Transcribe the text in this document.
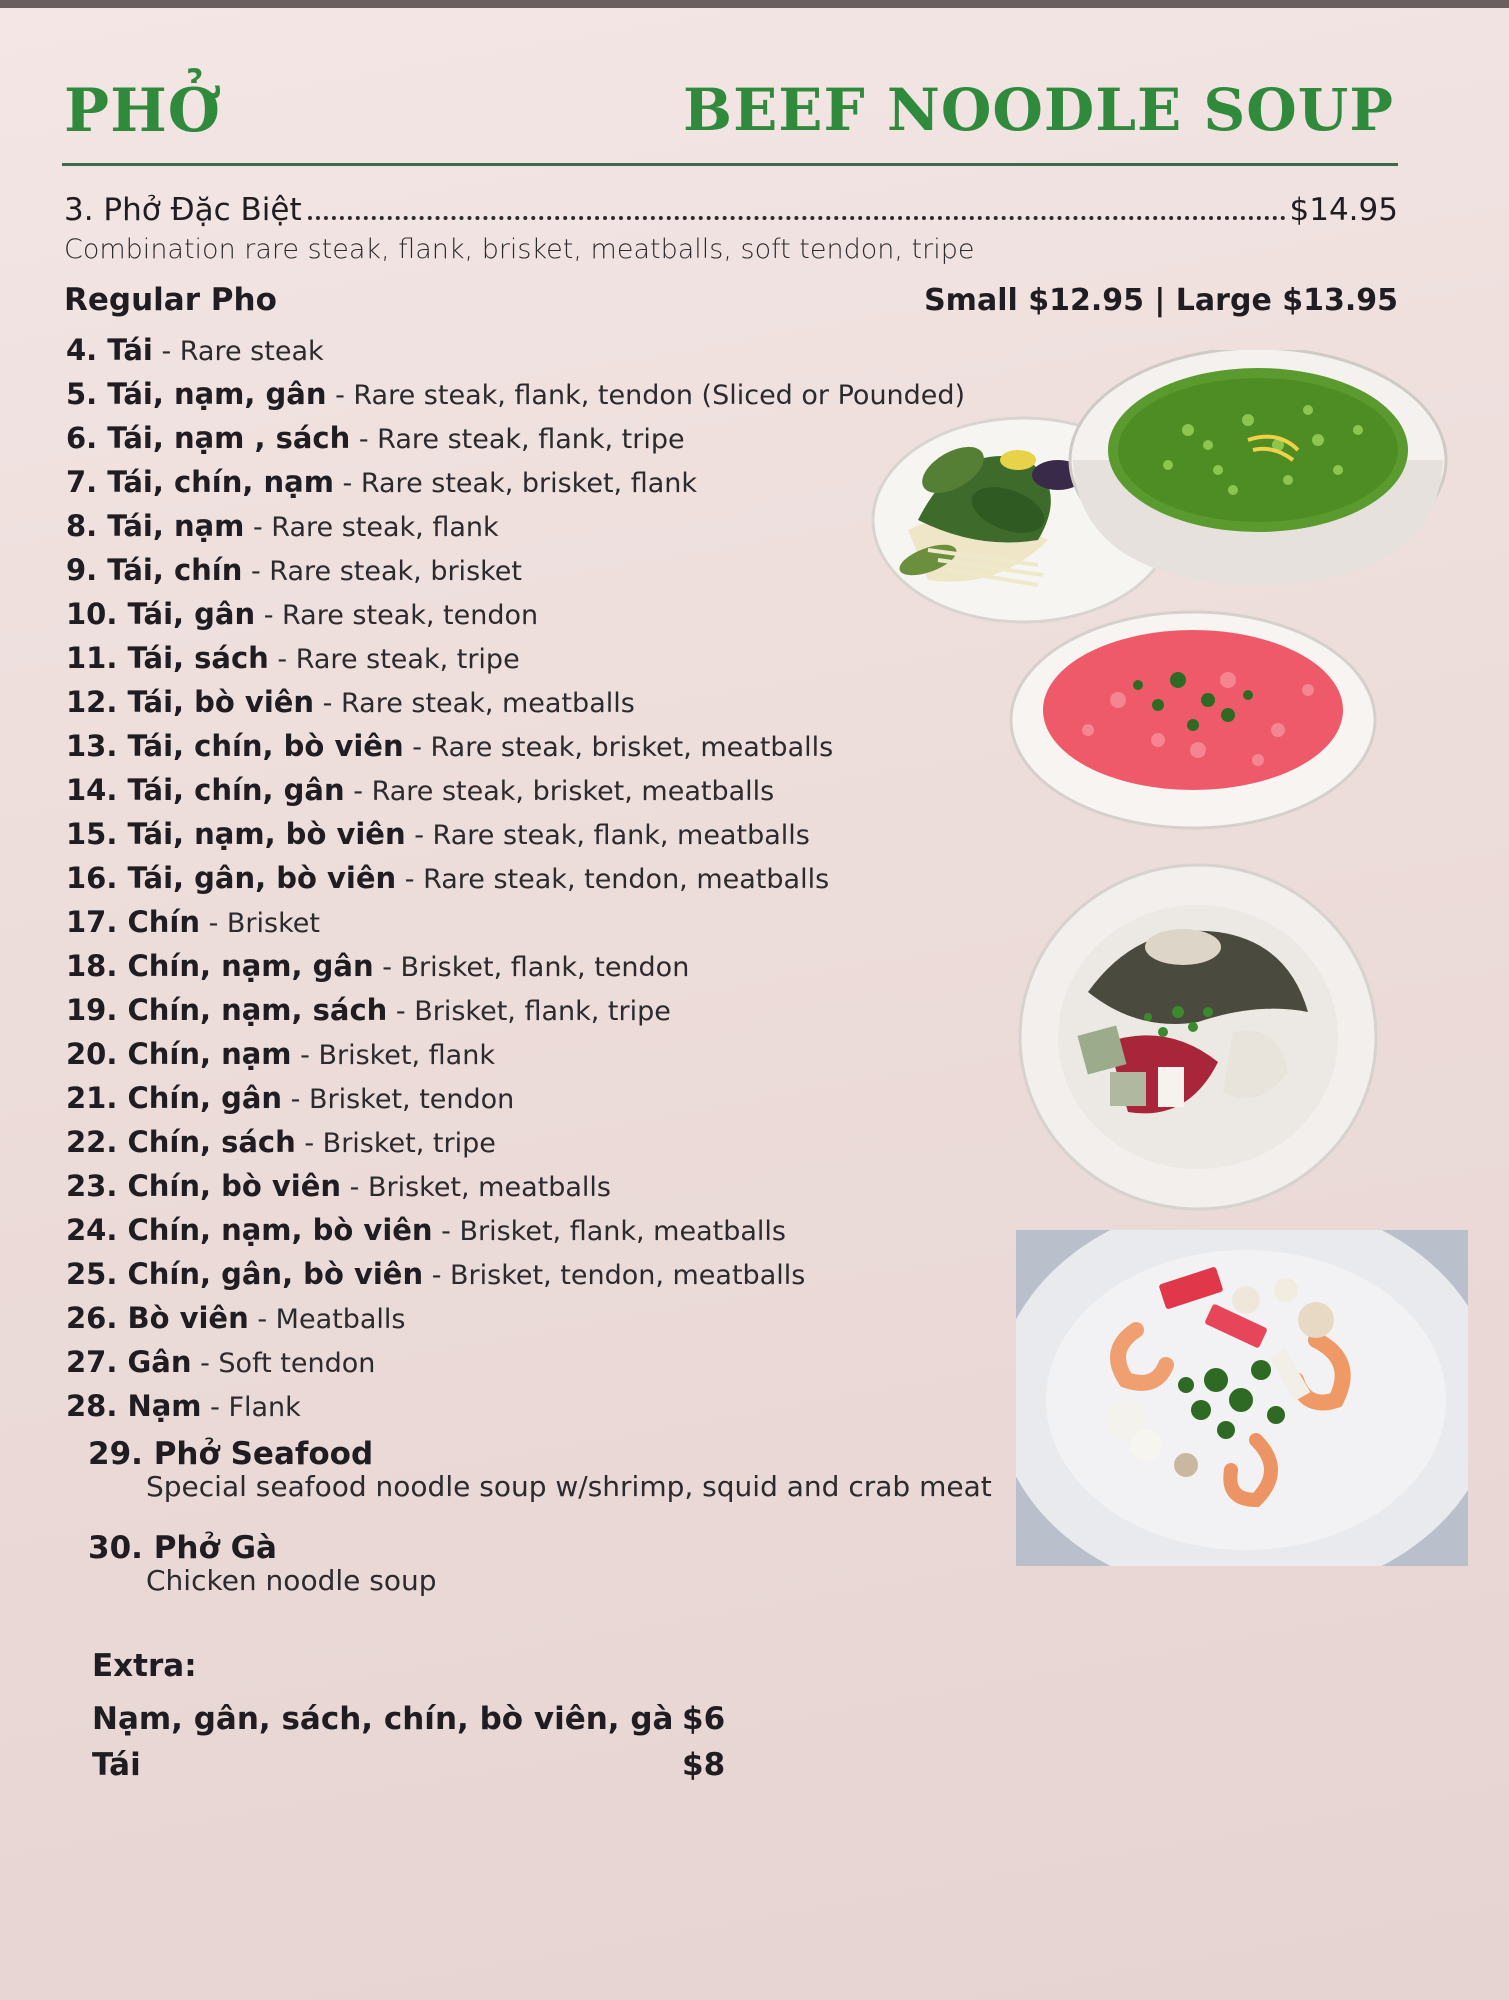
PHỞ	BEEF NOODLE SOUP
3. Phở Đặc Biệt	$14.95
Combination rare steak, flank, brisket, meatballs, soft tendon, tripe
Regular Pho	Small $12.95 | Large $13.95
4. Tái - Rare steak
5. Tái, nạm, gân - Rare steak, flank, tendon (Sliced or Pounded)
6. Tái, nạm , sách - Rare steak, flank, tripe
7. Tái, chín, nạm - Rare steak, brisket, flank
8. Tái, nạm - Rare steak, flank
9. Tái, chín - Rare steak, brisket
10. Tái, gân - Rare steak, tendon
11. Tái, sách - Rare steak, tripe
12. Tái, bò viên - Rare steak, meatballs
13. Tái, chín, bò viên - Rare steak, brisket, meatballs
14. Tái, chín, gân - Rare steak, brisket, meatballs
15. Tái, nạm, bò viên - Rare steak, flank, meatballs
16. Tái, gân, bò viên - Rare steak, tendon, meatballs
17. Chín - Brisket
18. Chín, nạm, gân - Brisket, flank, tendon
19. Chín, nạm, sách - Brisket, flank, tripe
20. Chín, nạm - Brisket, flank
21. Chín, gân - Brisket, tendon
22. Chín, sách - Brisket, tripe
23. Chín, bò viên - Brisket, meatballs
24. Chín, nạm, bò viên - Brisket, flank, meatballs
25. Chín, gân, bò viên - Brisket, tendon, meatballs
26. Bò viên - Meatballs
27. Gân - Soft tendon
28. Nạm - Flank
29. Phở Seafood
Special seafood noodle soup w/shrimp, squid and crab meat
30. Phở Gà
Chicken noodle soup
Extra:
Nạm, gân, sách, chín, bò viên, gà $6
Tái	$8
